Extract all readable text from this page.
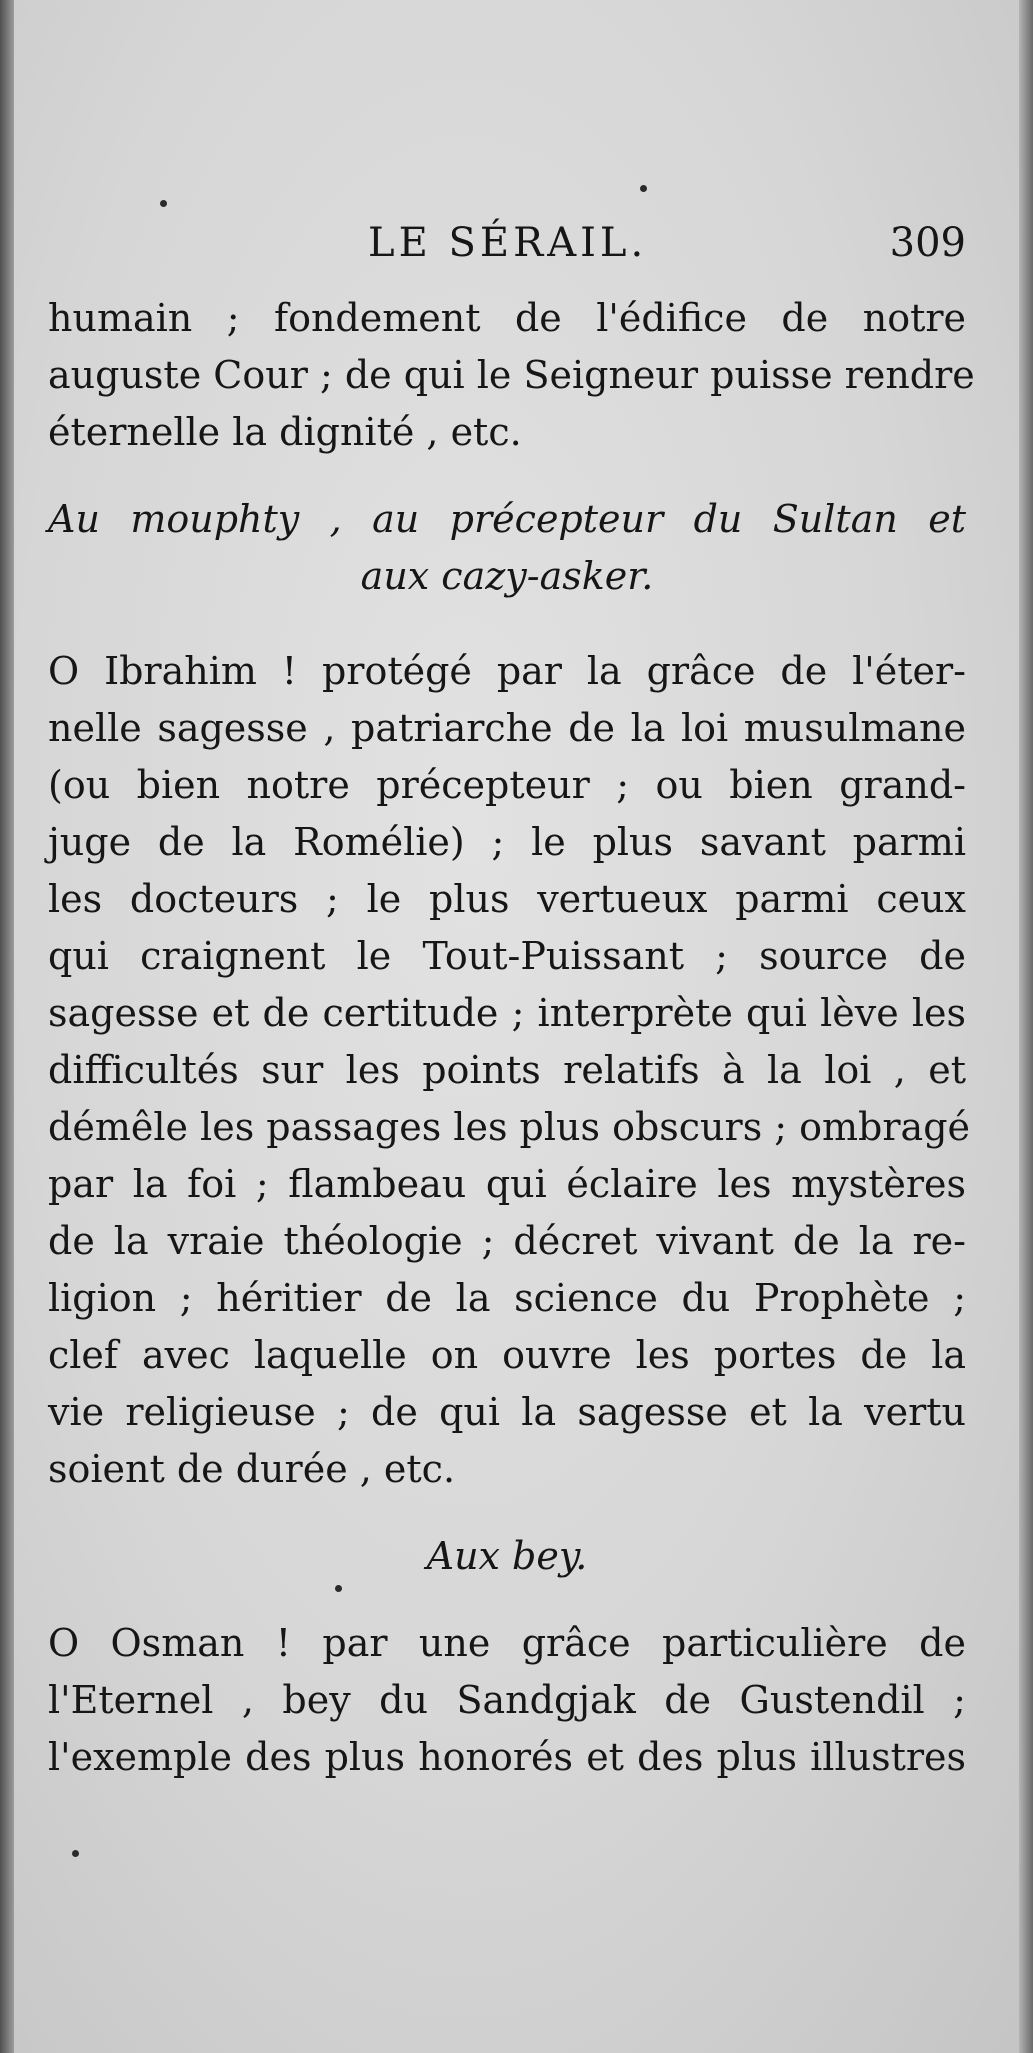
LE SÉRAIL.	309
humain ; fondement de l'édifice de notre
auguste Cour ; de qui le Seigneur puisse rendre
éternelle la dignité , etc.
Au mouphty , au précepteur du Sultan et
aux cazy-asker.
O Ibrahim ! protégé par la grâce de l'éter-
nelle sagesse , patriarche de la loi musulmane
(ou bien notre précepteur ; ou bien grand-
juge de la Romélie) ; le plus savant parmi
les docteurs ; le plus vertueux parmi ceux
qui craignent le Tout-Puissant ; source de
sagesse et de certitude ; interprète qui lève les
difficultés sur les points relatifs à la loi , et
démêle les passages les plus obscurs ; ombragé
par la foi ; flambeau qui éclaire les mystères
de la vraie théologie ; décret vivant de la re-
ligion ; héritier de la science du Prophète ;
clef avec laquelle on ouvre les portes de la
vie religieuse ; de qui la sagesse et la vertu
soient de durée , etc.
Aux bey.
O Osman ! par une grâce particulière de
l'Eternel , bey du Sandgjak de Gustendil ;
l'exemple des plus honorés et des plus illustres
